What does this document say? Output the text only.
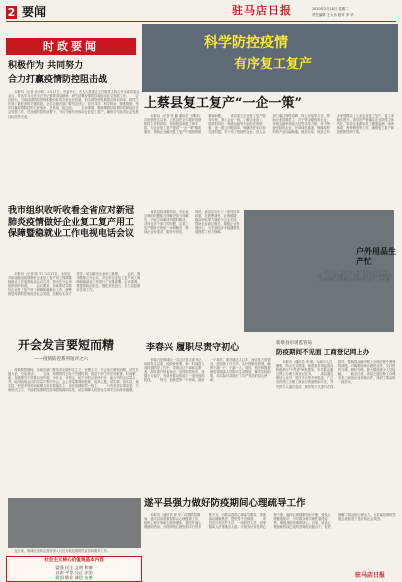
2 要闻	驻马店日报	2020年2月18日 星期二
责任编辑 王大乐 校对 李 华
时政要闻	科学防控疫情
有序复工复产
积极作为 共同努力
合力打赢疫情防控阻击战

　　本报讯（记者 吴小莉）2月17日，市委书记、市人大常委会主任陈星主持召开市委常委会会议，传达学习习近平总书记重要讲话精神，研究部署疫情防控和经济社会发展工作。　　会议指出，当前疫情防控形势积极向好的态势正在拓展，但全国疫情发展拐点尚未到来，防控工作到了最吃劲的关键阶段。全市各级各部门要坚定信心、同舟共济、科学防治、精准施策，坚决打赢疫情防控的人民战争、总体战、阻击战。　　会议强调，要统筹做好疫情防控和经济社会发展工作，在加强防控的前提下，分区分级有序推动企业复工复产，确保全年经济社会发展目标任务完成。

上蔡县复工复产“一企一策”

　　本报讯（记者 张 鹏 通讯员 王曙光）自疫情发生以来，上蔡县在全力做好疫情防控工作的同时，坚持防疫和复工两手抓，为企业复工复产提供"一企一策"精准服务，帮助企业解决复工复产中遇到的困难和问题。　　该县成立企业复工复产服务专班，深入企业一线，了解企业用工、原材料供应、物流运输等方面存在的困难，逐一建立问题清单，明确责任单位和完成时限。对于用工短缺的企业，县人社部门通过网络招聘、线上对接等方式，帮助企业招聘员工；对于资金紧张的企业，协调金融机构加大信贷支持力度；对于物流受阻的企业，开辟绿色通道，保障原材料和产品运输畅通。截至目前，该县已有多家规模以上工业企业复工复产，复工率稳步提升。该县还严格落实企业防疫主体责任，指导企业做好员工健康监测、场所消毒、物资储备等工作，确保复工复产和疫情防控两不误。

我市组织收听收看全省应对新冠肺炎疫情做好企业复工复产用工保障暨稳就业工作电视电话会议

　　本报讯（记者 陈 宇）2月17日，全省应对新冠肺炎疫情做好企业复工复产用工保障暨稳就业工作电视电话会议召开，我市在分会场组织收听收看。　　会议要求，各地要切实做好企业复工复产用工保障和稳就业工作，统筹推进疫情防控和经济社会发展，压紧压实各方责任，切实解决企业用工难题。　　会后，我市随即召开会议，对全市企业复工复产用工保障和稳就业工作进行了安排部署。会议强调，要提高政治站位，强化责任担当，全力以赴做好各项工作。

　　该县坚持问题导向，对企业反映的问题能当场解决的当场解决，不能当场解决的限时解决，对涉及多个部门的问题，由复工复产服务专班统一协调解决，做到企业有需求、服务有回应。　　同时，该县还出台了一系列扶持政策，在税费减免、社保缓缴、稳岗补贴等方面给予企业支持，帮助企业渡过难关，增强企业发展信心，为全县经济平稳健康发展提供了有力保障。

户外用品生产忙

　　2月17日，在西平县一家户外用品公司生产车间，工人正在加紧生产。近日，该县在做好疫情防控工作的同时，积极推动企业有序复工复产。记者 摄

开会发言要短而精
——疫情防控系列短评之六

　　疫情防控期间，各地各部门要坚决克服形式主义、官僚主义，开会发言要短而精，切忌长篇大论、空话套话。　　当前，疫情防控正处于关键时期，基层干部工作任务繁重，时间紧迫。各级领导干部要以身作则，少开会、开短会，能不开的会坚决不开，能合并的会尽量合并，能用视频会议的尽量不集中开会。会上讲话要简明扼要，直奔主题，讲实情、说实话、谋实招，把更多的时间和精力用在抓落实上，用在疫情防控一线上。　　只有坚持实事求是，力戒形式主义，才能把疫情防控各项措施落到实处，切实保障人民群众生命安全和身体健康。

李春兴 履职尽责守初心

　　李春兴是驿城区一名社区党支部书记。疫情发生以来，他放弃休假，第一时间投入到疫情防控工作中，带领社区干部和志愿者，挨家挨户排查登记，宣传防控知识，设置卡点值守，为居民群众筑起了一道坚固的防线。　　每天，他都是第一个到岗，最后一个离开。面对辖区人口多、流动性大的情况，他创新工作方法，实行网格化管理，确保不漏一户、不漏一人。同时，他还积极帮助居家隔离人员购买生活物资，解决实际困难，用实际行动践行了共产党员的初心使命。

新蔡县市场监管局
防疫期间不见面 工商登记网上办

　　本报讯（通讯员 李 明）为减少人员聚集，防止交叉感染，新蔡县市场监管局积极推行"不见面"审批服务，引导群众通过网上办理工商登记业务。　　该局通过微信公众号、短信平台等多种渠道，广泛宣传网上办理工商登记的流程和方法，并安排专人通过电话、微信等方式进行在线指导，帮助群众解决网上办理过程中遇到的问题。对确需现场办理的业务，实行预约办理，错时办理，最大限度减少人员接触。　　截至目前，该局已通过网上办理各类工商登记业务数百件，得到了群众的一致好评。

　　连日来，驿城区组织志愿者深入社区开展疫情防控宣传和服务工作。

遂平县强力做好防疫期间心理疏导工作

　　本报讯（通讯员 张 华）疫情防控期间，遂平县高度重视群众心理健康工作，组织心理专家和志愿者团队，通过开通心理援助热线、开设网络心理咨询平台等多种方式，为群众提供心理疏导服务，帮助群众缓解焦虑、恐慌等不良情绪。　　该县还针对医护人员、一线防控人员、居家隔离人员等重点人群，开展有针对性的心理干预，编印心理健康知识手册，普及心理健康知识，引导群众科学理性看待疫情，增强战胜疫情的信心。目前，该县心理援助热线已接听咨询电话数百个，有效缓解了群众的心理压力，为打赢疫情防控阻击战营造了良好的社会氛围。

社会主义核心价值观基本内容
富强 民主 文明 和谐
自由 平等 公正 法治
爱国 敬业 诚信 友善	驻马店日报
